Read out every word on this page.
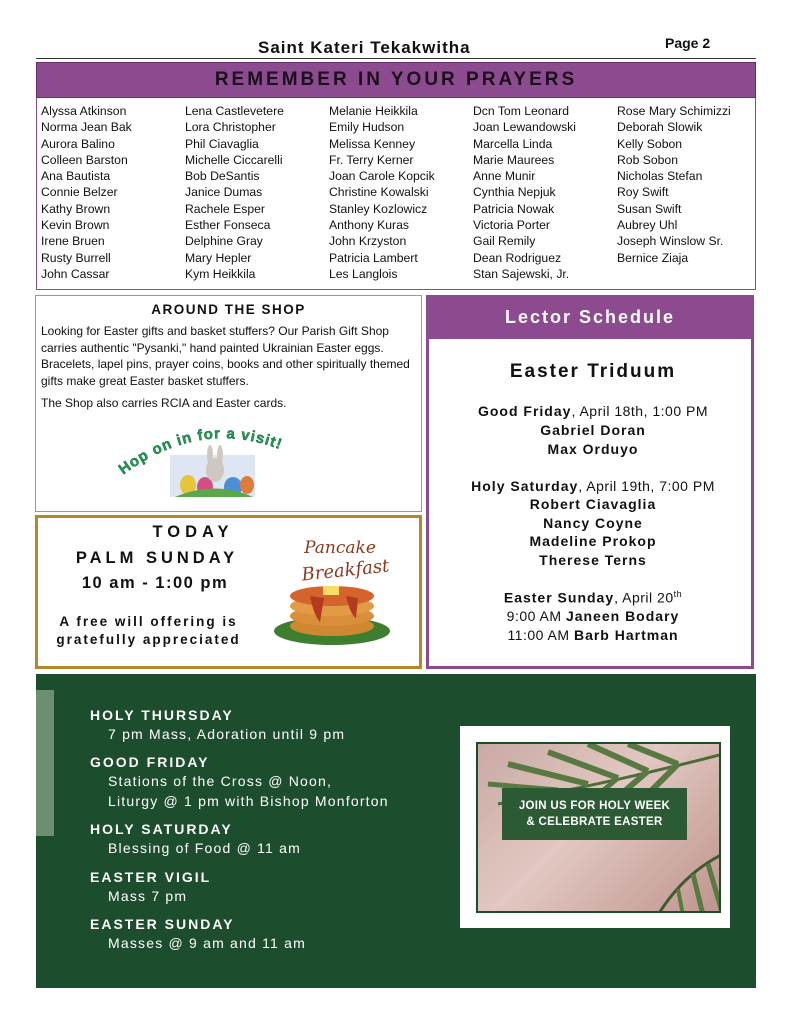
Saint Kateri Tekakwitha	Page 2
REMEMBER IN YOUR PRAYERS
Alyssa Atkinson
Norma Jean Bak
Aurora Balino
Colleen Barston
Ana Bautista
Connie Belzer
Kathy Brown
Kevin Brown
Irene Bruen
Rusty Burrell
John Cassar
Lena Castlevetere
Lora Christopher
Phil Ciavaglia
Michelle Ciccarelli
Bob DeSantis
Janice Dumas
Rachele Esper
Esther Fonseca
Delphine Gray
Mary Hepler
Kym Heikkila
Melanie Heikkila
Emily Hudson
Melissa Kenney
Fr. Terry Kerner
Joan Carole Kopcik
Christine Kowalski
Stanley Kozlowicz
Anthony Kuras
John Krzyston
Patricia Lambert
Les Langlois
Dcn Tom Leonard
Joan Lewandowski
Marcella Linda
Marie Maurees
Anne Munir
Cynthia Nepjuk
Patricia Nowak
Victoria Porter
Gail Remily
Dean Rodriguez
Stan Sajewski, Jr.
Rose Mary Schimizzi
Deborah Slowik
Kelly Sobon
Rob Sobon
Nicholas Stefan
Roy Swift
Susan Swift
Aubrey Uhl
Joseph Winslow Sr.
Bernice Ziaja
AROUND THE SHOP

Looking for Easter gifts and basket stuffers? Our Parish Gift Shop carries authentic "Pysanki," hand painted Ukrainian Easter eggs. Bracelets, lapel pins, prayer coins, books and other spiritually themed gifts make great Easter basket stuffers.

The Shop also carries RCIA and Easter cards.

Hop on in for a visit!
TODAY
PALM SUNDAY
10 am - 1:00 pm
A free will offering is
gratefully appreciated
Pancake
Breakfast
Lector Schedule
Easter Triduum
Good Friday, April 18th, 1:00 PM
Gabriel Doran
Max Orduyo
Holy Saturday, April 19th, 7:00 PM
Robert Ciavaglia
Nancy Coyne
Madeline Prokop
Therese Terns
Easter Sunday, April 20th
9:00 AM Janeen Bodary
11:00 AM Barb Hartman
HOLY THURSDAY
7 pm Mass, Adoration until 9 pm
GOOD FRIDAY
Stations of the Cross @ Noon,
Liturgy @ 1 pm with Bishop Monforton
HOLY SATURDAY
Blessing of Food @ 11 am
EASTER VIGIL
Mass 7 pm
EASTER SUNDAY
Masses @ 9 am and 11 am
JOIN US FOR HOLY WEEK
& CELEBRATE EASTER
